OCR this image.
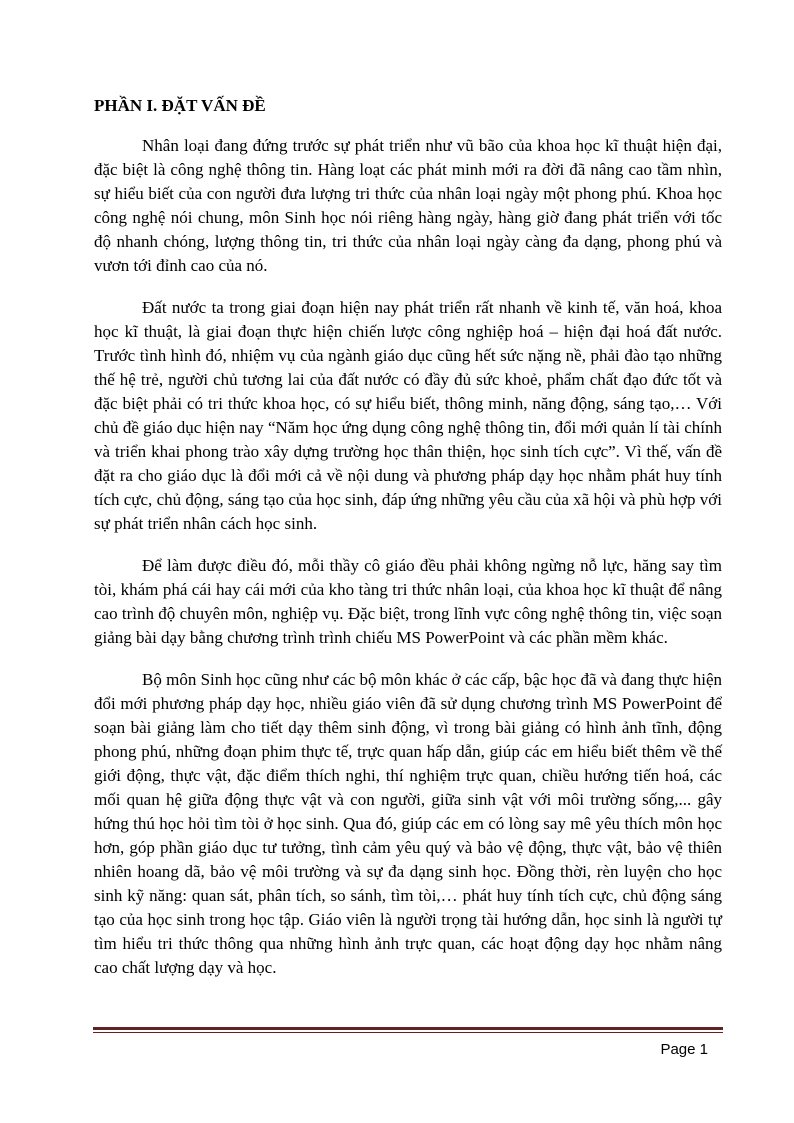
PHẦN I. ĐẶT VẤN ĐỀ

Nhân loại đang đứng trước sự phát triển như vũ bão của khoa học kĩ thuật hiện đại, đặc biệt là công nghệ thông tin. Hàng loạt các phát minh mới ra đời đã nâng cao tầm nhìn, sự hiểu biết của con người đưa lượng tri thức của nhân loại ngày một phong phú. Khoa học công nghệ nói chung, môn Sinh học nói riêng hàng ngày, hàng giờ đang phát triển với tốc độ nhanh chóng, lượng thông tin, tri thức của nhân loại ngày càng đa dạng, phong phú và vươn tới đỉnh cao của nó.

Đất nước ta trong giai đoạn hiện nay phát triển rất nhanh về kinh tế, văn hoá, khoa học kĩ thuật, là giai đoạn thực hiện chiến lược công nghiệp hoá – hiện đại hoá đất nước. Trước tình hình đó, nhiệm vụ của ngành giáo dục cũng hết sức nặng nề, phải đào tạo những thế hệ trẻ, người chủ tương lai của đất nước có đầy đủ sức khoẻ, phẩm chất đạo đức tốt và đặc biệt phải có tri thức khoa học, có sự hiểu biết, thông minh, năng động, sáng tạo,… Với chủ đề giáo dục hiện nay “Năm học ứng dụng công nghệ thông tin, đổi mới quản lí tài chính và triển khai phong trào xây dựng trường học thân thiện, học sinh tích cực”. Vì thế, vấn đề đặt ra cho giáo dục là đổi mới cả về nội dung và phương pháp dạy học nhằm phát huy tính tích cực, chủ động, sáng tạo của học sinh, đáp ứng những yêu cầu của xã hội và phù hợp với sự phát triển nhân cách học sinh.

Để làm được điều đó, mỗi thầy cô giáo đều phải không ngừng nỗ lực, hăng say tìm tòi, khám phá cái hay cái mới của kho tàng tri thức nhân loại, của khoa học kĩ thuật để nâng cao trình độ chuyên môn, nghiệp vụ. Đặc biệt, trong lĩnh vực công nghệ thông tin, việc soạn giảng bài dạy bằng chương trình trình chiếu MS PowerPoint và các phần mềm khác.

Bộ môn Sinh học cũng như các bộ môn khác ở các cấp, bậc học đã và đang thực hiện đổi mới phương pháp dạy học, nhiều giáo viên đã sử dụng chương trình MS PowerPoint để soạn bài giảng làm cho tiết dạy thêm sinh động, vì trong bài giảng có hình ảnh tĩnh, động phong phú, những đoạn phim thực tế, trực quan hấp dẫn, giúp các em hiểu biết thêm về thế giới động, thực vật, đặc điểm thích nghi, thí nghiệm trực quan, chiều hướng tiến hoá, các mối quan hệ giữa động thực vật và con người, giữa sinh vật với môi trường sống,... gây hứng thú học hỏi tìm tòi ở học sinh. Qua đó, giúp các em có lòng say mê yêu thích môn học hơn, góp phần giáo dục tư tưởng, tình cảm yêu quý và bảo vệ động, thực vật, bảo vệ thiên nhiên hoang dã, bảo vệ môi trường và sự đa dạng sinh học. Đồng thời, rèn luyện cho học sinh kỹ năng: quan sát, phân tích, so sánh, tìm tòi,… phát huy tính tích cực, chủ động sáng tạo của học sinh trong học tập. Giáo viên là người trọng tài hướng dẫn, học sinh là người tự tìm hiểu tri thức thông qua những hình ảnh trực quan, các hoạt động dạy học nhằm nâng cao chất lượng dạy và học.

Page 1
